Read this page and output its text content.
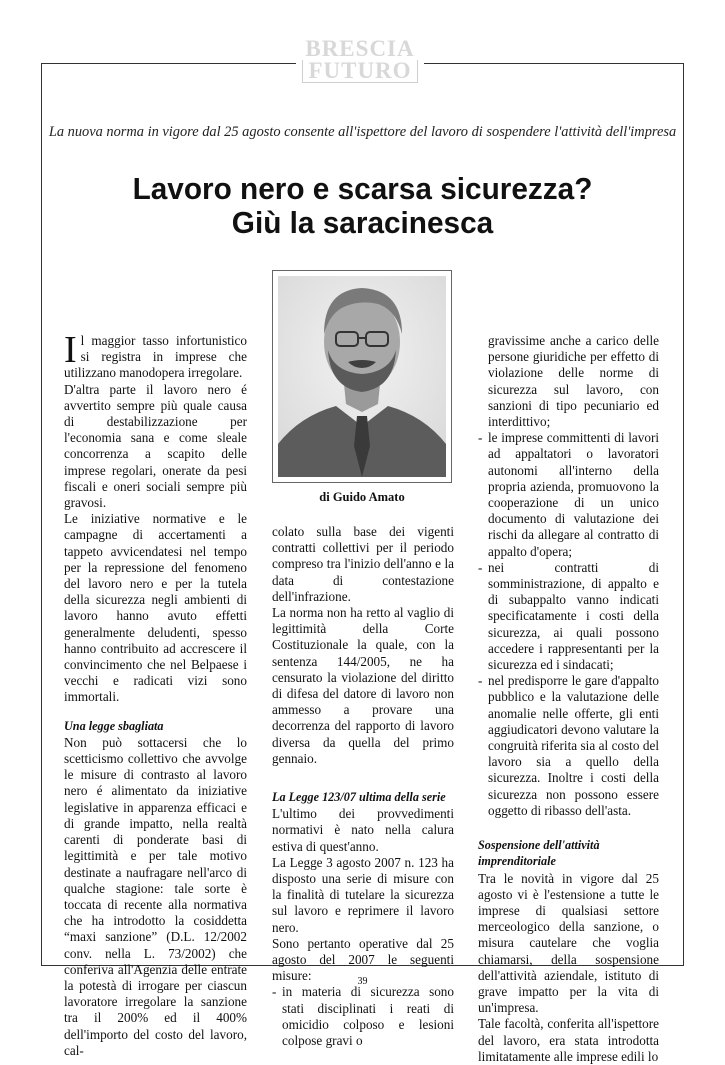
BRESCIA
FUTURO
La nuova norma in vigore dal 25 agosto consente all'ispettore del lavoro di sospendere l'attività dell'impresa
Lavoro nero e scarsa sicurezza?
Giù la saracinesca
di Guido Amato

Il maggior tasso infortunistico si registra in imprese che utilizzano manodopera irregolare.

D'altra parte il lavoro nero é avvertito sempre più quale causa di destabilizzazione per l'economia sana e come sleale concorrenza a scapito delle imprese regolari, onerate da pesi fiscali e oneri sociali sempre più gravosi.

Le iniziative normative e le campagne di accertamenti a tappeto avvicendatesi nel tempo per la repressione del fenomeno del lavoro nero e per la tutela della sicurezza negli ambienti di lavoro hanno avuto effetti generalmente deludenti, spesso hanno contribuito ad accrescere il convincimento che nel Belpaese i vecchi e radicati vizi sono immortali.

Una legge sbagliata

Non può sottacersi che lo scetticismo collettivo che avvolge le misure di contrasto al lavoro nero é alimentato da iniziative legislative in apparenza efficaci e di grande impatto, nella realtà carenti di ponderate basi di legittimità e per tale motivo destinate a naufragare nell'arco di qualche stagione: tale sorte è toccata di recente alla normativa che ha introdotto la cosiddetta “maxi sanzione” (D.L. 12/2002 conv. nella L. 73/2002) che conferiva all'Agenzia delle entrate la potestà di irrogare per ciascun lavoratore irregolare la sanzione tra il 200% ed il 400% dell'importo del costo del lavoro, cal-

colato sulla base dei vigenti contratti collettivi per il periodo compreso tra l'inizio dell'anno e la data di contestazione dell'infrazione.

La norma non ha retto al vaglio di legittimità della Corte Costituzionale la quale, con la sentenza 144/2005, ne ha censurato la violazione del diritto di difesa del datore di lavoro non ammesso a provare una decorrenza del rapporto di lavoro diversa da quella del primo gennaio.

La Legge 123/07 ultima della serie

L'ultimo dei provvedimenti normativi è nato nella calura estiva di quest'anno.

La Legge 3 agosto 2007 n. 123 ha disposto una serie di misure con la finalità di tutelare la sicurezza sul lavoro e reprimere il lavoro nero.

Sono pertanto operative dal 25 agosto del 2007 le seguenti misure:

- in materia di sicurezza sono stati disciplinati i reati di omicidio colposo e lesioni colpose gravi o

gravissime anche a carico delle persone giuridiche per effetto di violazione delle norme di sicurezza sul lavoro, con sanzioni di tipo pecuniario ed interdittivo;

- le imprese committenti di lavori ad appaltatori o lavoratori autonomi all'interno della propria azienda, promuovono la cooperazione di un unico documento di valutazione dei rischi da allegare al contratto di appalto d'opera;
- nei contratti di somministrazione, di appalto e di subappalto vanno indicati specificatamente i costi della sicurezza, ai quali possono accedere i rappresentanti per la sicurezza ed i sindacati;
- nel predisporre le gare d'appalto pubblico e la valutazione delle anomalie nelle offerte, gli enti aggiudicatori devono valutare la congruità riferita sia al costo del lavoro sia a quello della sicurezza. Inoltre i costi della sicurezza non possono essere oggetto di ribasso dell'asta.
Sospensione dell'attività imprenditoriale

Tra le novità in vigore dal 25 agosto vi è l'estensione a tutte le imprese di qualsiasi settore merceologico della sanzione, o misura cautelare che voglia chiamarsi, della sospensione dell'attività aziendale, istituto di grave impatto per la vita di un'impresa.

Tale facoltà, conferita all'ispettore del lavoro, era stata introdotta limitatamente alle imprese edili lo

39
